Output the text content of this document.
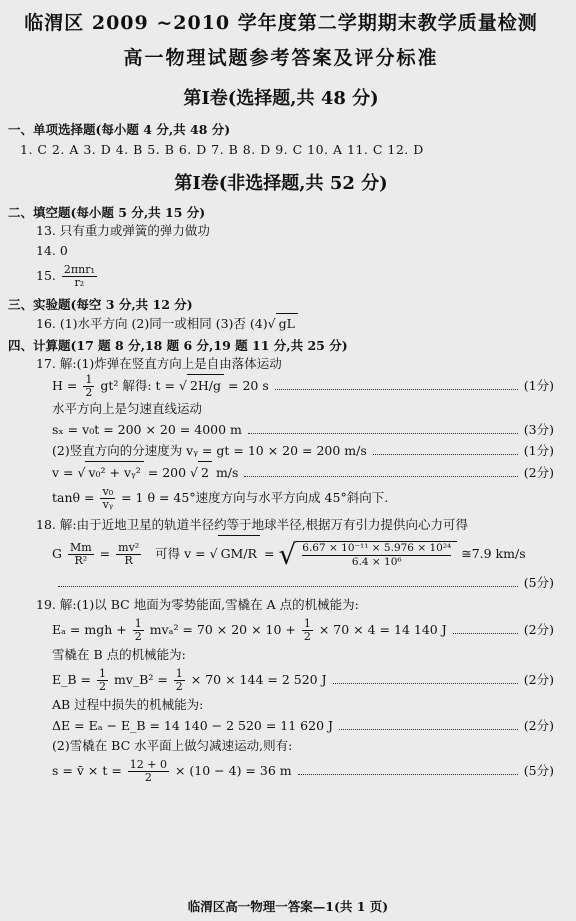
临渭区 2009 ~2010 学年度第二学期期末教学质量检测
高一物理试题参考答案及评分标准
第Ⅰ卷(选择题,共 48 分)
一、单项选择题(每小题 4 分,共 48 分)
1. C 2. A 3. D 4. B 5. B 6. D 7. B 8. D 9. C 10. A 11. C 12. D
第Ⅰ卷(非选择题,共 52 分)
二、填空题(每小题 5 分,共 15 分)
13. 只有重力或弹簧的弹力做功
14. 0
15. $\frac{\text{2πnr₁}}{\text{r₂}}$
三、实验题(每空 3 分,共 12 分)
16. (1)水平方向 (2)同一或相同 (3)否 (4)√ gL
四、计算题(17 题 8 分,18 题 6 分,19 题 11 分,共 25 分)
17. 解:(1)炸弹在竖直方向上是自由落体运动
$H = \frac{1}{2} gt^2$ 解得: t = √ 2H/g = 20 s	(1分)
水平方向上是匀速直线运动
sₓ = v₀t = 200 × 20 = 4000 m	(3分)
(2)竖直方向的分速度为 vᵧ = gt = 10 × 20 = 200 m/s	(1分)
v = √ v₀² + vᵧ² = 200 √ 2 m/s	(2分)
$\tan\theta = \frac{\text{v₀}}{\text{vᵧ}} = 1$ θ = 45°速度方向与水平方向成 45°斜向下.
18. 解:由于近地卫星的轨道半径约等于地球半径,根据万有引力提供向心力可得
G $\frac{Mm}{\text{R²}} = \frac{\text{mv²}}{R}$ 可得 v = √ GM/R = √ $\frac{\text{6.67 × 10⁻¹¹ × 5.976 × 10²⁴}}{\text{6.4 × 10⁶}}$ ≅7.9 km/s
(5分)
19. 解:(1)以 BC 地面为零势能面,雪橇在 A 点的机械能为:
Eₐ = mgh + $\frac{1}{2} mv_a^2 = 70 \times 20 \times 10 + \frac{1}{2} \times 70 \times 4 = 14$ 140 J	(2分)
雪橇在 B 点的机械能为:
E_B = $\frac{1}{2}$ mv_B² = $\frac{1}{2} \times 70 \times 144 = 2$ 520 J	(2分)
AB 过程中损失的机械能为:
ΔE = Eₐ − E_B = 14 140 − 2 520 = 11 620 J	(2分)
(2)雪橇在 BC 水平面上做匀减速运动,则有:
s = v̄ × $t = \frac{12 + 0}{2} \times (10 - 4) = 36$ m	(5分)
临渭区高一物理一答案—1(共 1 页)
